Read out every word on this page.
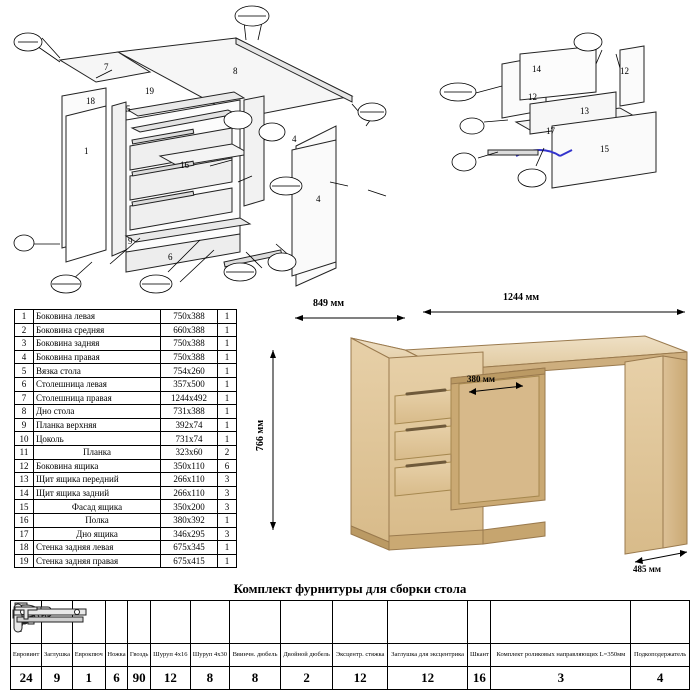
7	8
18
19
1
16
4
4
9
6
5
12
14	12
13
17
15
1	Боковина левая	750x388	1
2	Боковина средняя	660x388	1
3	Боковина задняя	750x388	1
4	Боковина правая	750x388	1
5	Вязка стола	754x260	1
6	Столешница левая	357x500	1
7	Столешница правая	1244x492	1
8	Дно стола	731x388	1
9	Планка верхняя	392x74	1
10	Цоколь	731x74	1
11	Планка	323x60	2
12	Боковина ящика	350x110	6
13	Щит ящика передний	266x110	3
14	Щит ящика задний	266x110	3
15	Фасад ящика	350x200	3
16	Полка	380x392	1
17	Дно ящика	346x295	3
18	Стенка задняя левая	675x345	1
19	Стенка задняя правая	675x415	1
849 мм
1244 мм
766 мм
380 мм
485 мм
Комплект фурнитуры для сборки стола

Евровинт	Заглушка	Еврокпюч	Ножка	Гвоздь	Шуруп 4х16	Шуруп 4х30	Ввинчн. дюбель	Двойной дюбель	Эксцентр. стяжка	Заглушка для эксцентрика	Шкант	Комплект роликовых направляющих L=350мм	Подкоподержатель
24	9	1	6	90	12	8	8	2	12	12	16	3	4
